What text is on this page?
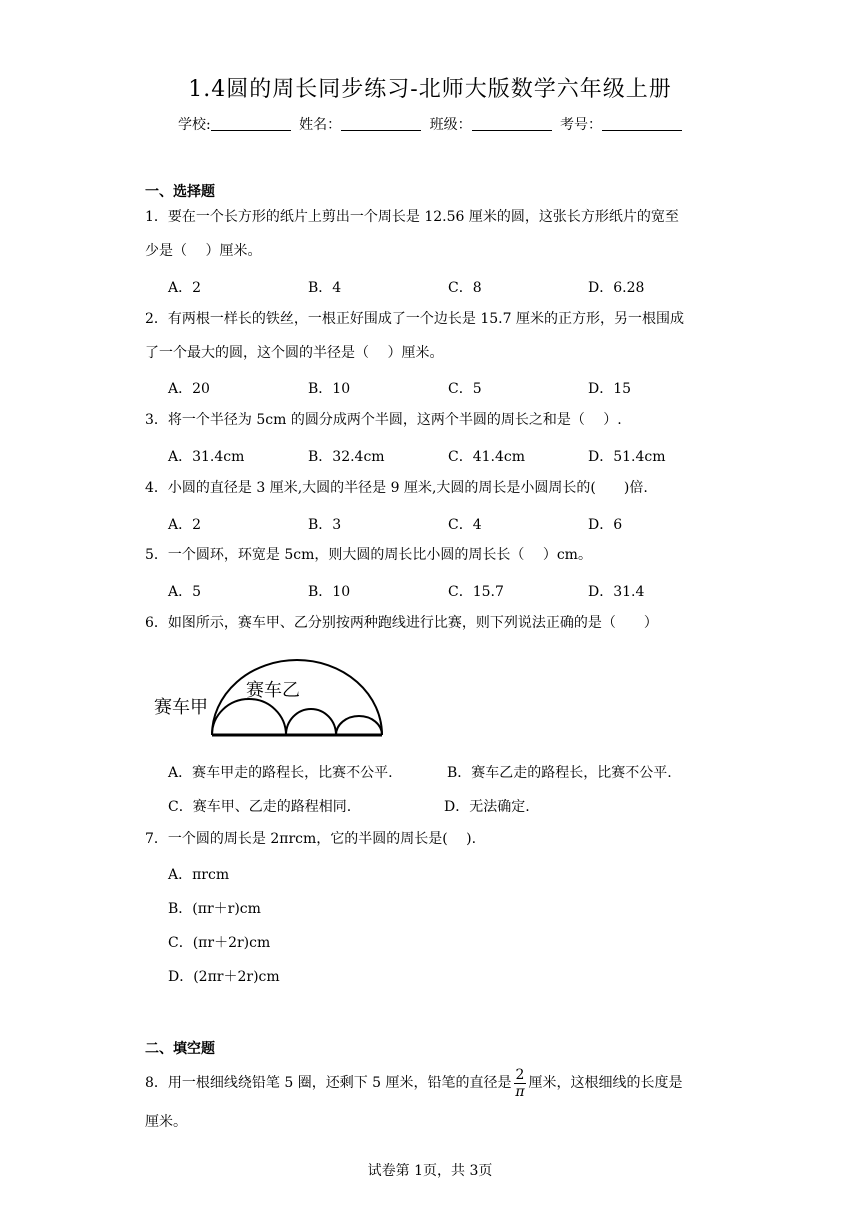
1.4圆的周长同步练习-北师大版数学六年级上册
学校:	姓名：	班级：	考号：
一、选择题
1．要在一个长方形的纸片上剪出一个周长是 12.56 厘米的圆，这张长方形纸片的宽至
少是（　 ）厘米。
A．2	B．4	C．8	D．6.28
2．有两根一样长的铁丝，一根正好围成了一个边长是 15.7 厘米的正方形，另一根围成
了一个最大的圆，这个圆的半径是（　 ）厘米。
A．20	B．10	C．5	D．15
3．将一个半径为 5cm 的圆分成两个半圆，这两个半圆的周长之和是（　 ）.
A．31.4cm	B．32.4cm	C．41.4cm	D．51.4cm
4．小圆的直径是 3 厘米,大圆的半径是 9 厘米,大圆的周长是小圆周长的(　　)倍.
A．2	B．3	C．4	D．6
5．一个圆环，环宽是 5cm，则大圆的周长比小圆的周长长（　 ）cm。
A．5	B．10	C．15.7	D．31.4
6．如图所示，赛车甲、乙分别按两种跑线进行比赛，则下列说法正确的是（　　）
赛车甲
赛车乙
A．赛车甲走的路程长，比赛不公平.	B．赛车乙走的路程长，比赛不公平.
C．赛车甲、乙走的路程相同.	D．无法确定.
7．一个圆的周长是 2πrcm，它的半圆的周长是(　 ).
A．πrcm
B．(πr＋r)cm
C．(πr＋2r)cm
D．(2πr＋2r)cm
二、填空题
8．用一根细线绕铅笔 5 圈，还剩下 5 厘米，铅笔的直径是 $\frac{2}{\pi}$ 厘米，这根细线的长度是
厘米。
试卷第 1页，共 3页
